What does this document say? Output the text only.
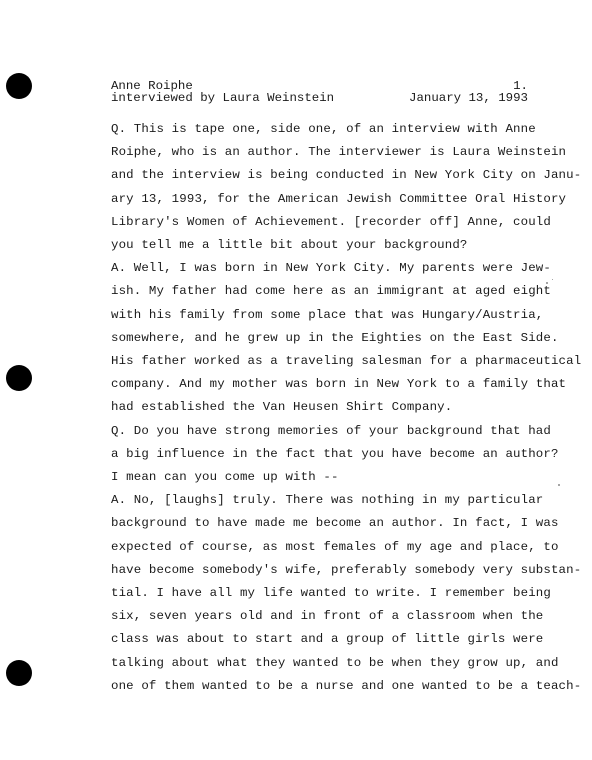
Anne Roiphe	1.
interviewed by Laura Weinstein	January 13, 1993
Q. This is tape one, side one, of an interview with Anne
Roiphe, who is an author. The interviewer is Laura Weinstein
and the interview is being conducted in New York City on Janu-
ary 13, 1993, for the American Jewish Committee Oral History
Library's Women of Achievement. [recorder off] Anne, could
you tell me a little bit about your background?
A. Well, I was born in New York City. My parents were Jew-
ish. My father had come here as an immigrant at aged eight
with his family from some place that was Hungary/Austria,
somewhere, and he grew up in the Eighties on the East Side.
His father worked as a traveling salesman for a pharmaceutical
company. And my mother was born in New York to a family that
had established the Van Heusen Shirt Company.
Q. Do you have strong memories of your background that had
a big influence in the fact that you have become an author?
I mean can you come up with --
A. No, [laughs] truly. There was nothing in my particular
background to have made me become an author. In fact, I was
expected of course, as most females of my age and place, to
have become somebody's wife, preferably somebody very substan-
tial. I have all my life wanted to write. I remember being
six, seven years old and in front of a classroom when the
class was about to start and a group of little girls were
talking about what they wanted to be when they grow up, and
one of them wanted to be a nurse and one wanted to be a teach-
